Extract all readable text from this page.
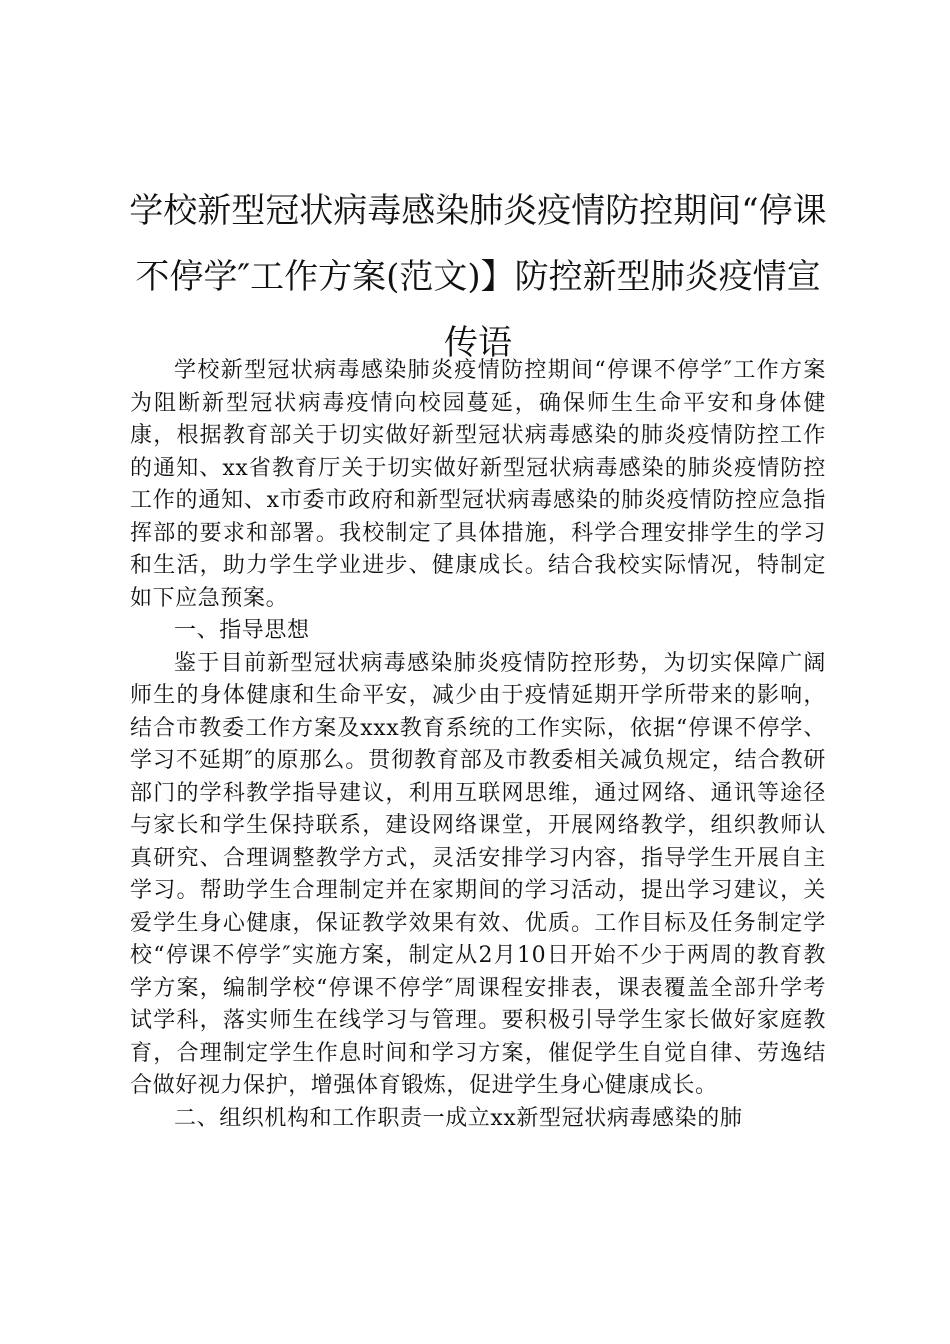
学校新型冠状病毒感染肺炎疫情防控期间“停课不停学″工作方案(范文)】防控新型肺炎疫情宣传语

学校新型冠状病毒感染肺炎疫情防控期间“停课不停学″工作方案为阻断新型冠状病毒疫情向校园蔓延，确保师生生命平安和身体健康，根据教育部关于切实做好新型冠状病毒感染的肺炎疫情防控工作的通知、xx省教育厅关于切实做好新型冠状病毒感染的肺炎疫情防控工作的通知、x市委市政府和新型冠状病毒感染的肺炎疫情防控应急指挥部的要求和部署。我校制定了具体措施，科学合理安排学生的学习和生活，助力学生学业进步、健康成长。结合我校实际情况，特制定如下应急预案。

一、指导思想

鉴于目前新型冠状病毒感染肺炎疫情防控形势，为切实保障广阔师生的身体健康和生命平安，减少由于疫情延期开学所带来的影响，结合市教委工作方案及xxx教育系统的工作实际，依据“停课不停学、学习不延期″的原那么。贯彻教育部及市教委相关减负规定，结合教研部门的学科教学指导建议，利用互联网思维，通过网络、通讯等途径与家长和学生保持联系，建设网络课堂，开展网络教学，组织教师认真研究、合理调整教学方式，灵活安排学习内容，指导学生开展自主学习。帮助学生合理制定并在家期间的学习活动，提出学习建议，关爱学生身心健康，保证教学效果有效、优质。工作目标及任务制定学校“停课不停学″实施方案，制定从2月10日开始不少于两周的教育教学方案，编制学校“停课不停学″周课程安排表，课表覆盖全部升学考试学科，落实师生在线学习与管理。要积极引导学生家长做好家庭教育，合理制定学生作息时间和学习方案，催促学生自觉自律、劳逸结合做好视力保护，增强体育锻炼，促进学生身心健康成长。

二、组织机构和工作职责一成立xx新型冠状病毒感染的肺
